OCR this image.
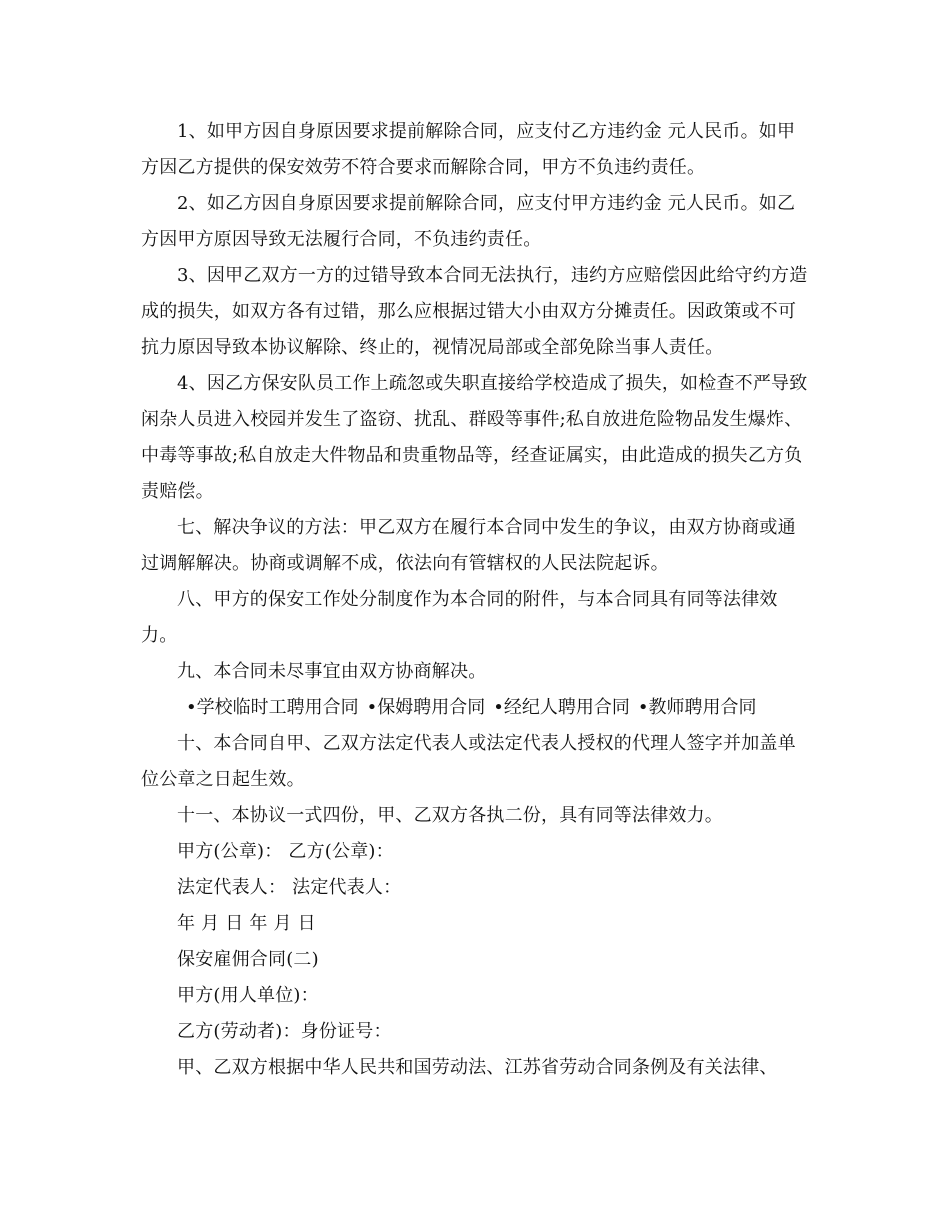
1、如甲方因自身原因要求提前解除合同，应支付乙方违约金 元人民币。如甲方因乙方提供的保安效劳不符合要求而解除合同，甲方不负违约责任。

2、如乙方因自身原因要求提前解除合同，应支付甲方违约金 元人民币。如乙方因甲方原因导致无法履行合同，不负违约责任。

3、因甲乙双方一方的过错导致本合同无法执行，违约方应赔偿因此给守约方造成的损失，如双方各有过错，那么应根据过错大小由双方分摊责任。因政策或不可抗力原因导致本协议解除、终止的，视情况局部或全部免除当事人责任。

4、因乙方保安队员工作上疏忽或失职直接给学校造成了损失，如检查不严导致闲杂人员进入校园并发生了盗窃、扰乱、群殴等事件;私自放进危险物品发生爆炸、中毒等事故;私自放走大件物品和贵重物品等，经查证属实，由此造成的损失乙方负责赔偿。

七、解决争议的方法：甲乙双方在履行本合同中发生的争议，由双方协商或通过调解解决。协商或调解不成，依法向有管辖权的人民法院起诉。

八、甲方的保安工作处分制度作为本合同的附件，与本合同具有同等法律效力。

九、本合同未尽事宜由双方协商解决。

•学校临时工聘用合同 •保姆聘用合同 •经纪人聘用合同 •教师聘用合同

十、本合同自甲、乙双方法定代表人或法定代表人授权的代理人签字并加盖单位公章之日起生效。

十一、本协议一式四份，甲、乙双方各执二份，具有同等法律效力。

甲方(公章)： 乙方(公章)：

法定代表人： 法定代表人：

年 月 日 年 月 日

保安雇佣合同(二)

甲方(用人单位)：

乙方(劳动者)：身份证号：

甲、乙双方根据中华人民共和国劳动法、江苏省劳动合同条例及有关法律、
